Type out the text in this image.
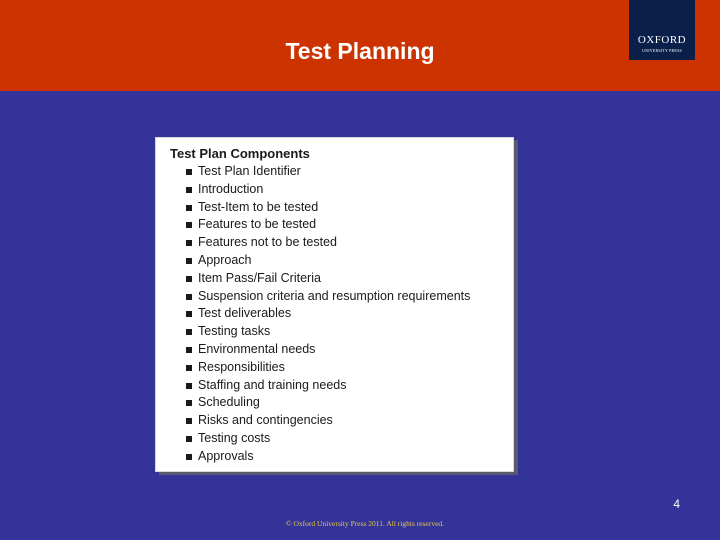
Test Planning	OXFORD
UNIVERSITY PRESS
Test Plan Components
Test Plan Identifier
Introduction
Test-Item to be tested
Features to be tested
Features not to be tested
Approach
Item Pass/Fail Criteria
Suspension criteria and resumption requirements
Test deliverables
Testing tasks
Environmental needs
Responsibilities
Staffing and training needs
Scheduling
Risks and contingencies
Testing costs
Approvals
4
© Oxford University Press 2011. All rights reserved.
